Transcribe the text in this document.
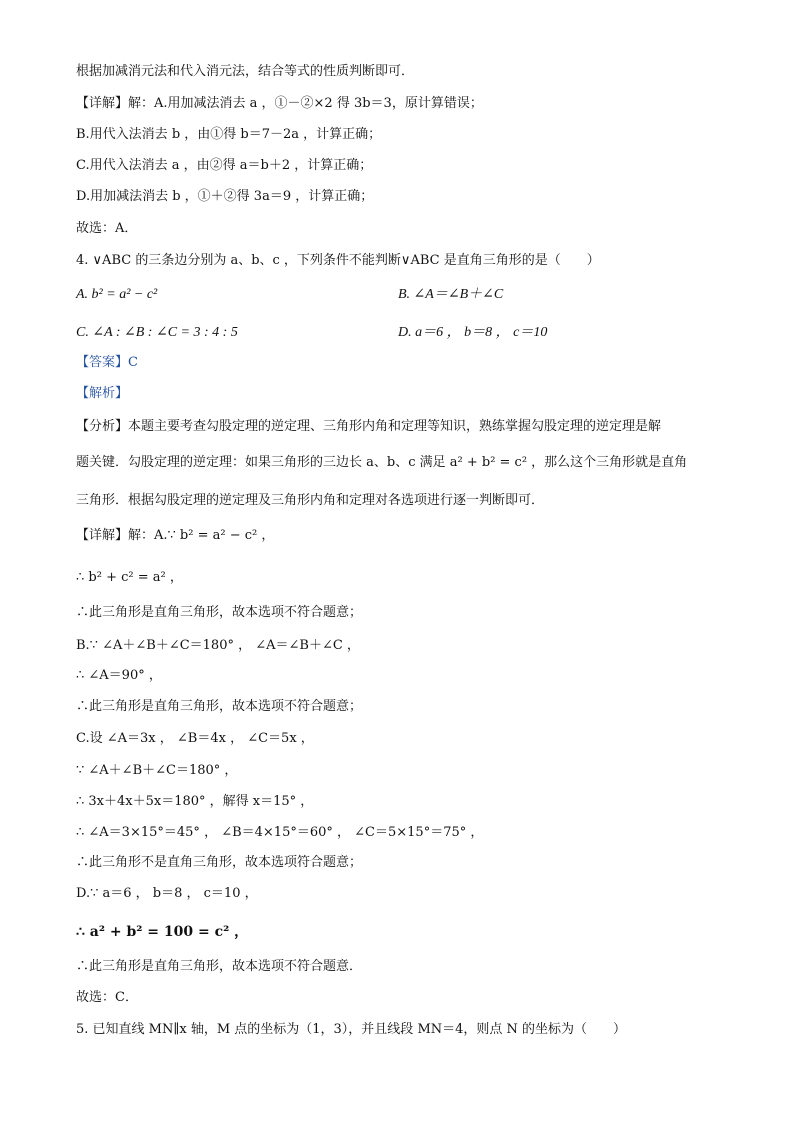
根据加减消元法和代入消元法，结合等式的性质判断即可．
【详解】解：A.用加减法消去 a ，①－②×2 得 3b＝3，原计算错误；
B.用代入法消去 b ，由①得 b＝7－2a ，计算正确；
C.用代入法消去 a ，由②得 a＝b＋2 ，计算正确；
D.用加减法消去 b ，①＋②得 3a＝9 ，计算正确；
故选：A．
4. ∨ABC 的三条边分别为 a、b、c ，下列条件不能判断∨ABC 是直角三角形的是（　　）
A. b² = a² − c²	B. ∠A＝∠B＋∠C
C. ∠A : ∠B : ∠C = 3 : 4 : 5	D. a＝6 ， b＝8 ， c＝10
【答案】C
【解析】
【分析】本题主要考查勾股定理的逆定理、三角形内角和定理等知识，熟练掌握勾股定理的逆定理是解
题关键．勾股定理的逆定理：如果三角形的三边长 a、b、c 满足 a² + b² = c² ，那么这个三角形就是直角
三角形．根据勾股定理的逆定理及三角形内角和定理对各选项进行逐一判断即可．
【详解】解：A.∵ b² = a² − c² ，
∴ b² + c² = a² ，
∴此三角形是直角三角形，故本选项不符合题意；
B.∵ ∠A＋∠B＋∠C＝180° ， ∠A＝∠B＋∠C ，
∴ ∠A＝90° ，
∴此三角形是直角三角形，故本选项不符合题意；
C.设 ∠A＝3x ， ∠B＝4x ， ∠C＝5x ，
∵ ∠A＋∠B＋∠C＝180° ，
∴ 3x＋4x＋5x＝180° ，解得 x＝15° ，
∴ ∠A＝3×15°＝45° ， ∠B＝4×15°＝60° ， ∠C＝5×15°＝75° ，
∴此三角形不是直角三角形，故本选项符合题意；
D.∵ a＝6 ， b＝8 ， c＝10 ，
∴ a² + b² = 100 = c² ，
∴此三角形是直角三角形，故本选项不符合题意．
故选：C．
5. 已知直线 MN∥x 轴，M 点的坐标为（1，3），并且线段 MN＝4，则点 N 的坐标为（　　）
